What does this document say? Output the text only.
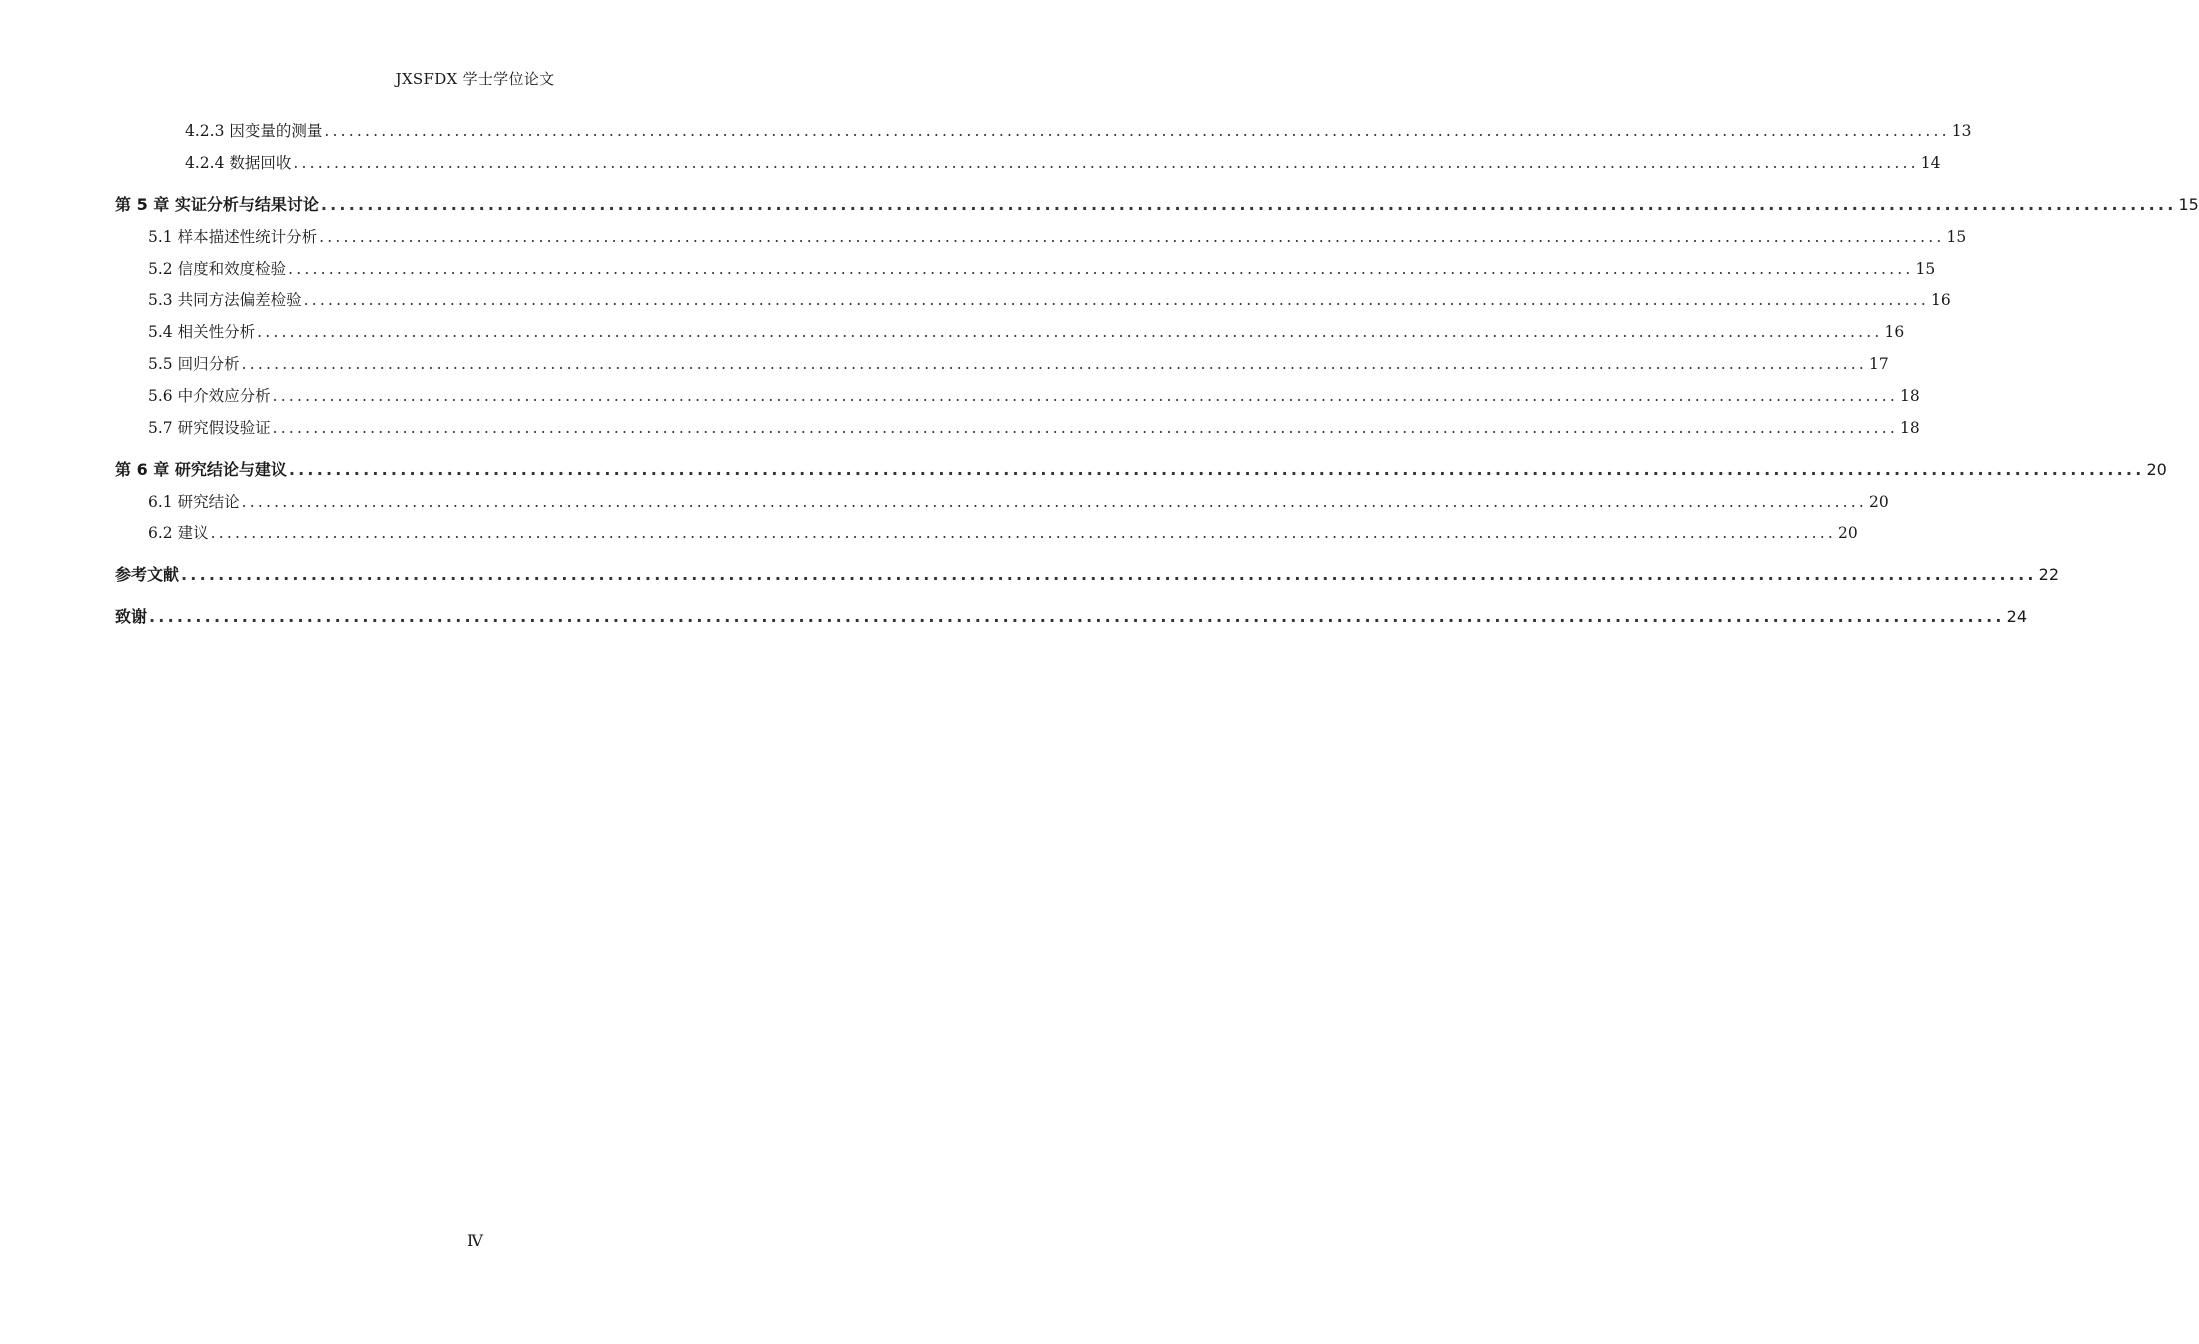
JXSFDX 学士学位论文
4.2.3 因变量的测量 ........................................................................................................................................................................................................ 13
4.2.4 数据回收 ........................................................................................................................................................................................................ 14
第 5 章 实证分析与结果讨论 ........................................................................................................................................................................................................ 15
5.1 样本描述性统计分析 ........................................................................................................................................................................................................ 15
5.2 信度和效度检验 ........................................................................................................................................................................................................ 15
5.3 共同方法偏差检验 ........................................................................................................................................................................................................ 16
5.4 相关性分析 ........................................................................................................................................................................................................ 16
5.5 回归分析 ........................................................................................................................................................................................................ 17
5.6 中介效应分析 ........................................................................................................................................................................................................ 18
5.7 研究假设验证 ........................................................................................................................................................................................................ 18
第 6 章 研究结论与建议 ........................................................................................................................................................................................................ 20
6.1 研究结论 ........................................................................................................................................................................................................ 20
6.2 建议 ........................................................................................................................................................................................................ 20
参考文献 ........................................................................................................................................................................................................ 22
致谢 ........................................................................................................................................................................................................ 24
Ⅳ
